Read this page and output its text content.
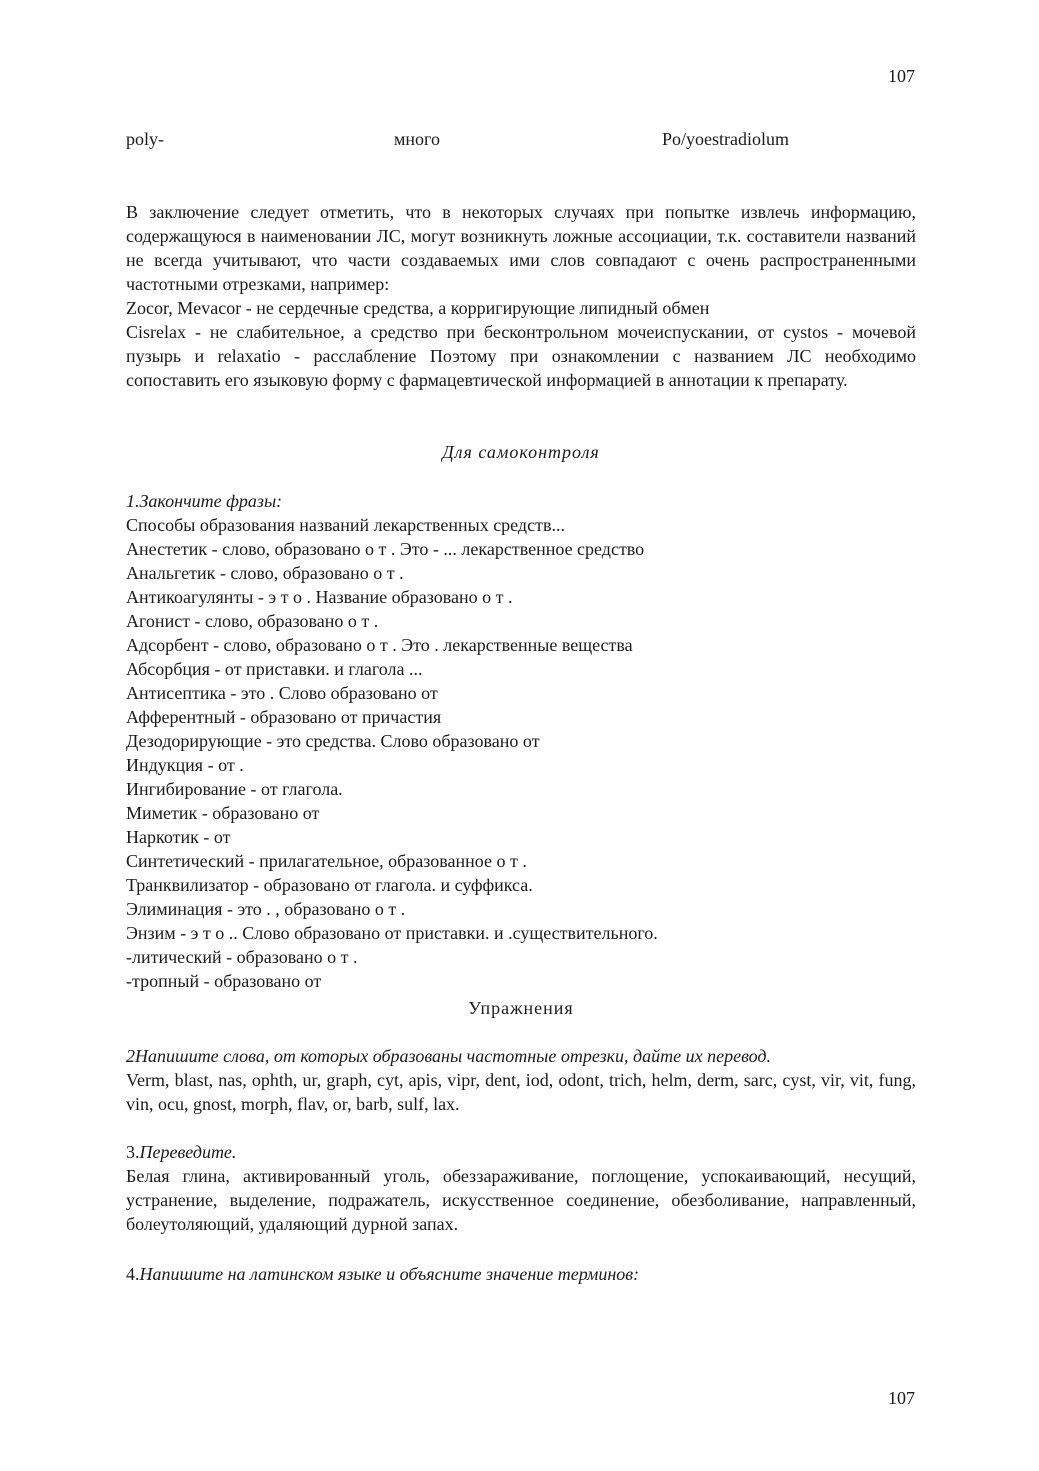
107
poly-	много	Po/yoestradiolum
В заключение следует отметить, что в некоторых случаях при попытке извлечь информацию, содержащуюся в наименовании ЛС, могут возникнуть ложные ассоциации, т.к. составители названий не всегда учитывают, что части создаваемых ими слов совпадают с очень распространенными частотными отрезками, например:
Zocor, Mevacor - не сердечные средства, а корригирующие липидный обмен
Cisrelax - не слабительное, а средство при бесконтрольном мочеиспускании, от cystos - мочевой пузырь и relaxatio - расслабление Поэтому при ознакомлении с названием ЛС необходимо сопоставить его языковую форму с фармацевтической информацией в аннотации к препарату.
Для самоконтроля
1.Закончите фразы:
Способы образования названий лекарственных средств...
Анестетик - слово, образовано о т . Это - ... лекарственное средство
Анальгетик - слово, образовано о т .
Антикоагулянты - э т о . Название образовано о т .
Агонист - слово, образовано о т .
Адсорбент - слово, образовано о т . Это . лекарственные вещества
Абсорбция - от приставки. и глагола ...
Антисептика - это . Слово образовано от
Афферентный - образовано от причастия
Дезодорирующие - это средства. Слово образовано от
Индукция - от .
Ингибирование - от глагола.
Миметик - образовано от
Наркотик - от
Синтетический - прилагательное, образованное о т .
Транквилизатор - образовано от глагола. и суффикса.
Элиминация - это . , образовано о т .
Энзим - э т о .. Слово образовано от приставки. и .существительного.
-литический - образовано о т .
-тропный - образовано от
Упражнения
2Напишите слова, от которых образованы частотные отрезки, дайте их перевод.
Verm, blast, nas, ophth, ur, graph, cyt, apis, vipr, dent, iod, odont, trich, helm, derm, sarc, cyst, vir, vit, fung, vin, ocu, gnost, morph, flav, or, barb, sulf, lax.
3.Переведите.
Белая глина, активированный уголь, обеззараживание, поглощение, успокаивающий, несущий, устранение, выделение, подражатель, искусственное соединение, обезболивание, направленный, болеутоляющий, удаляющий дурной запах.
4.Напишите на латинском языке и объясните значение терминов:
107
